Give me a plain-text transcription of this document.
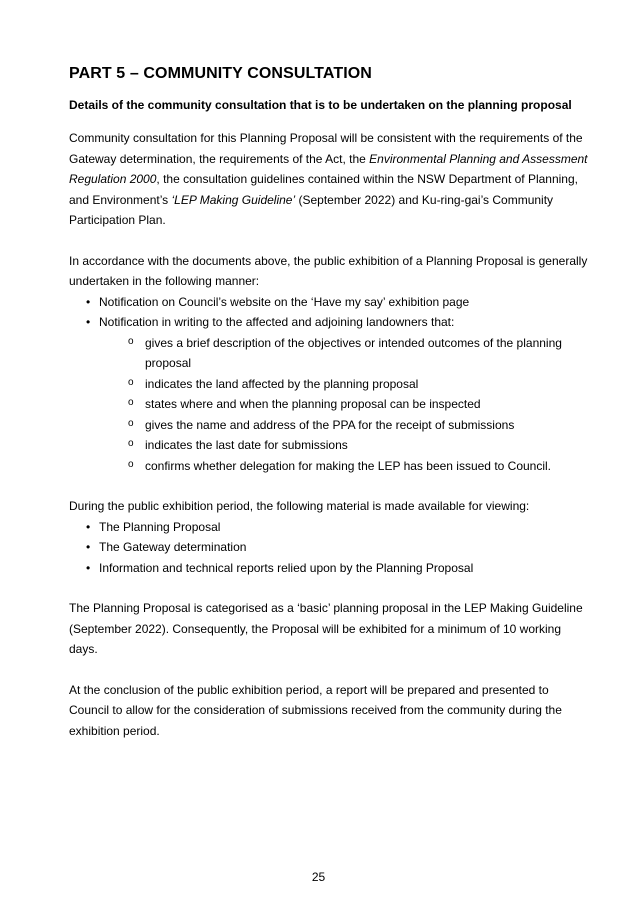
PART 5 – COMMUNITY CONSULTATION
Details of the community consultation that is to be undertaken on the planning proposal

Community consultation for this Planning Proposal will be consistent with the requirements of the Gateway determination, the requirements of the Act, the Environmental Planning and Assessment Regulation 2000, the consultation guidelines contained within the NSW Department of Planning, and Environment’s ‘LEP Making Guideline’ (September 2022) and Ku-ring-gai’s Community Participation Plan.

In accordance with the documents above, the public exhibition of a Planning Proposal is generally undertaken in the following manner:

• Notification on Council’s website on the ‘Have my say’ exhibition page
• Notification in writing to the affected and adjoining landowners that:
o gives a brief description of the objectives or intended outcomes of the planning proposal
o indicates the land affected by the planning proposal
o states where and when the planning proposal can be inspected
o gives the name and address of the PPA for the receipt of submissions
o indicates the last date for submissions
o confirms whether delegation for making the LEP has been issued to Council.

During the public exhibition period, the following material is made available for viewing:

• The Planning Proposal
• The Gateway determination
• Information and technical reports relied upon by the Planning Proposal

The Planning Proposal is categorised as a ‘basic’ planning proposal in the LEP Making Guideline (September 2022). Consequently, the Proposal will be exhibited for a minimum of 10 working days.

At the conclusion of the public exhibition period, a report will be prepared and presented to Council to allow for the consideration of submissions received from the community during the exhibition period.

25
